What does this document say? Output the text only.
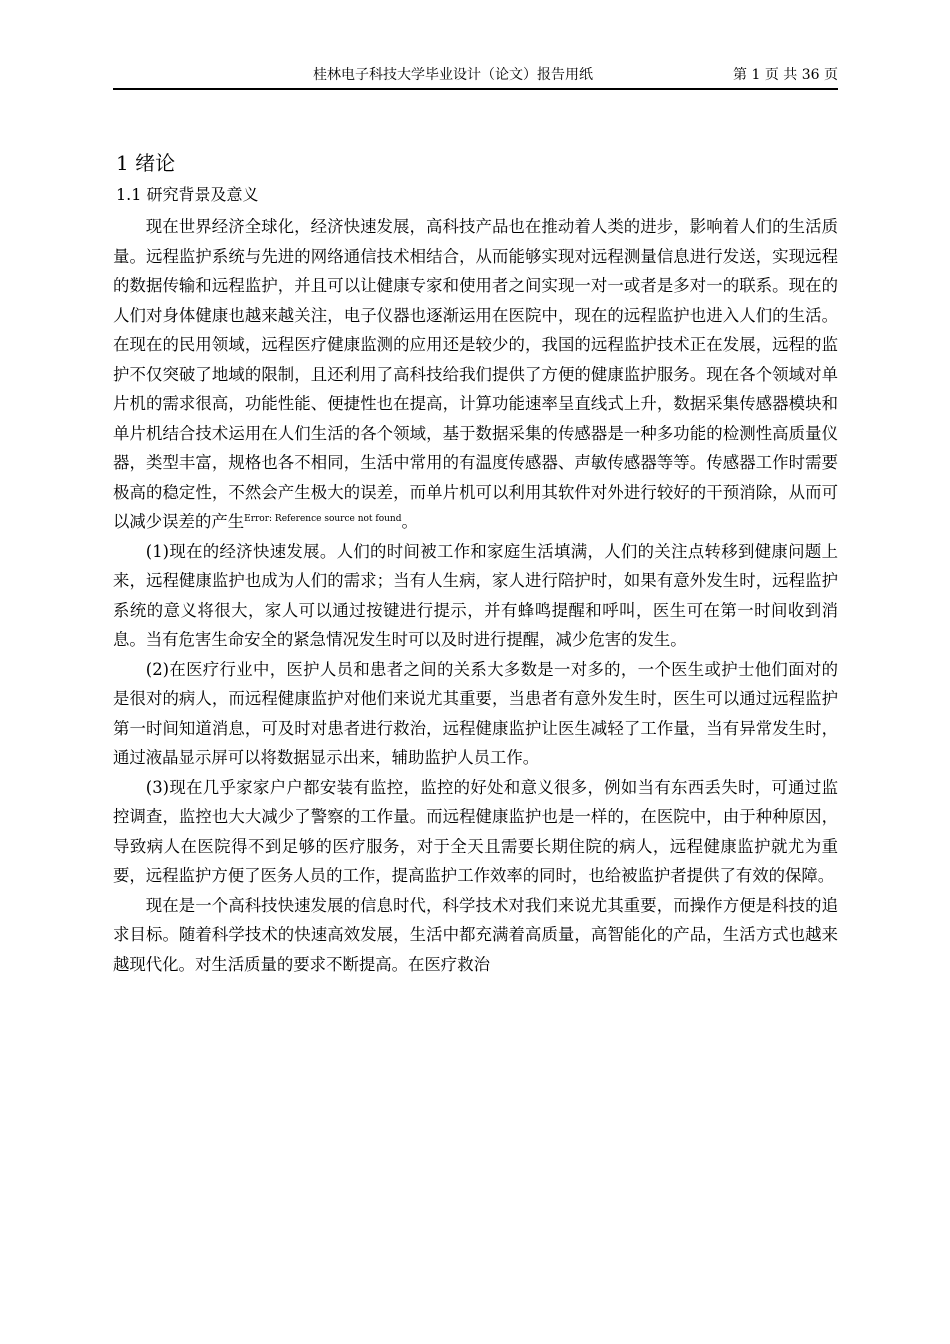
桂林电子科技大学毕业设计（论文）报告用纸	第 1 页 共 36 页
1 绪论
1.1 研究背景及意义

现在世界经济全球化，经济快速发展，高科技产品也在推动着人类的进步，影响着人们的生活质量。远程监护系统与先进的网络通信技术相结合，从而能够实现对远程测量信息进行发送，实现远程的数据传输和远程监护，并且可以让健康专家和使用者之间实现一对一或者是多对一的联系。现在的人们对身体健康也越来越关注，电子仪器也逐渐运用在医院中，现在的远程监护也进入人们的生活。在现在的民用领域，远程医疗健康监测的应用还是较少的，我国的远程监护技术正在发展，远程的监护不仅突破了地域的限制，且还利用了高科技给我们提供了方便的健康监护服务。现在各个领域对单片机的需求很高，功能性能、便捷性也在提高，计算功能速率呈直线式上升，数据采集传感器模块和单片机结合技术运用在人们生活的各个领域，基于数据采集的传感器是一种多功能的检测性高质量仪器，类型丰富，规格也各不相同，生活中常用的有温度传感器、声敏传感器等等。传感器工作时需要极高的稳定性，不然会产生极大的误差，而单片机可以利用其软件对外进行较好的干预消除，从而可以减少误差的产生$^{Error: Reference source not found}$。

(1)现在的经济快速发展。人们的时间被工作和家庭生活填满，人们的关注点转移到健康问题上来，远程健康监护也成为人们的需求；当有人生病，家人进行陪护时，如果有意外发生时，远程监护系统的意义将很大，家人可以通过按键进行提示，并有蜂鸣提醒和呼叫，医生可在第一时间收到消息。当有危害生命安全的紧急情况发生时可以及时进行提醒，减少危害的发生。

(2)在医疗行业中，医护人员和患者之间的关系大多数是一对多的，一个医生或护士他们面对的是很对的病人，而远程健康监护对他们来说尤其重要，当患者有意外发生时，医生可以通过远程监护第一时间知道消息，可及时对患者进行救治，远程健康监护让医生减轻了工作量，当有异常发生时，通过液晶显示屏可以将数据显示出来，辅助监护人员工作。

(3)现在几乎家家户户都安装有监控，监控的好处和意义很多，例如当有东西丢失时，可通过监控调查，监控也大大减少了警察的工作量。而远程健康监护也是一样的，在医院中，由于种种原因，导致病人在医院得不到足够的医疗服务，对于全天且需要长期住院的病人，远程健康监护就尤为重要，远程监护方便了医务人员的工作，提高监护工作效率的同时，也给被监护者提供了有效的保障。

现在是一个高科技快速发展的信息时代，科学技术对我们来说尤其重要，而操作方便是科技的追求目标。随着科学技术的快速高效发展，生活中都充满着高质量，高智能化的产品，生活方式也越来越现代化。对生活质量的要求不断提高。在医疗救治
